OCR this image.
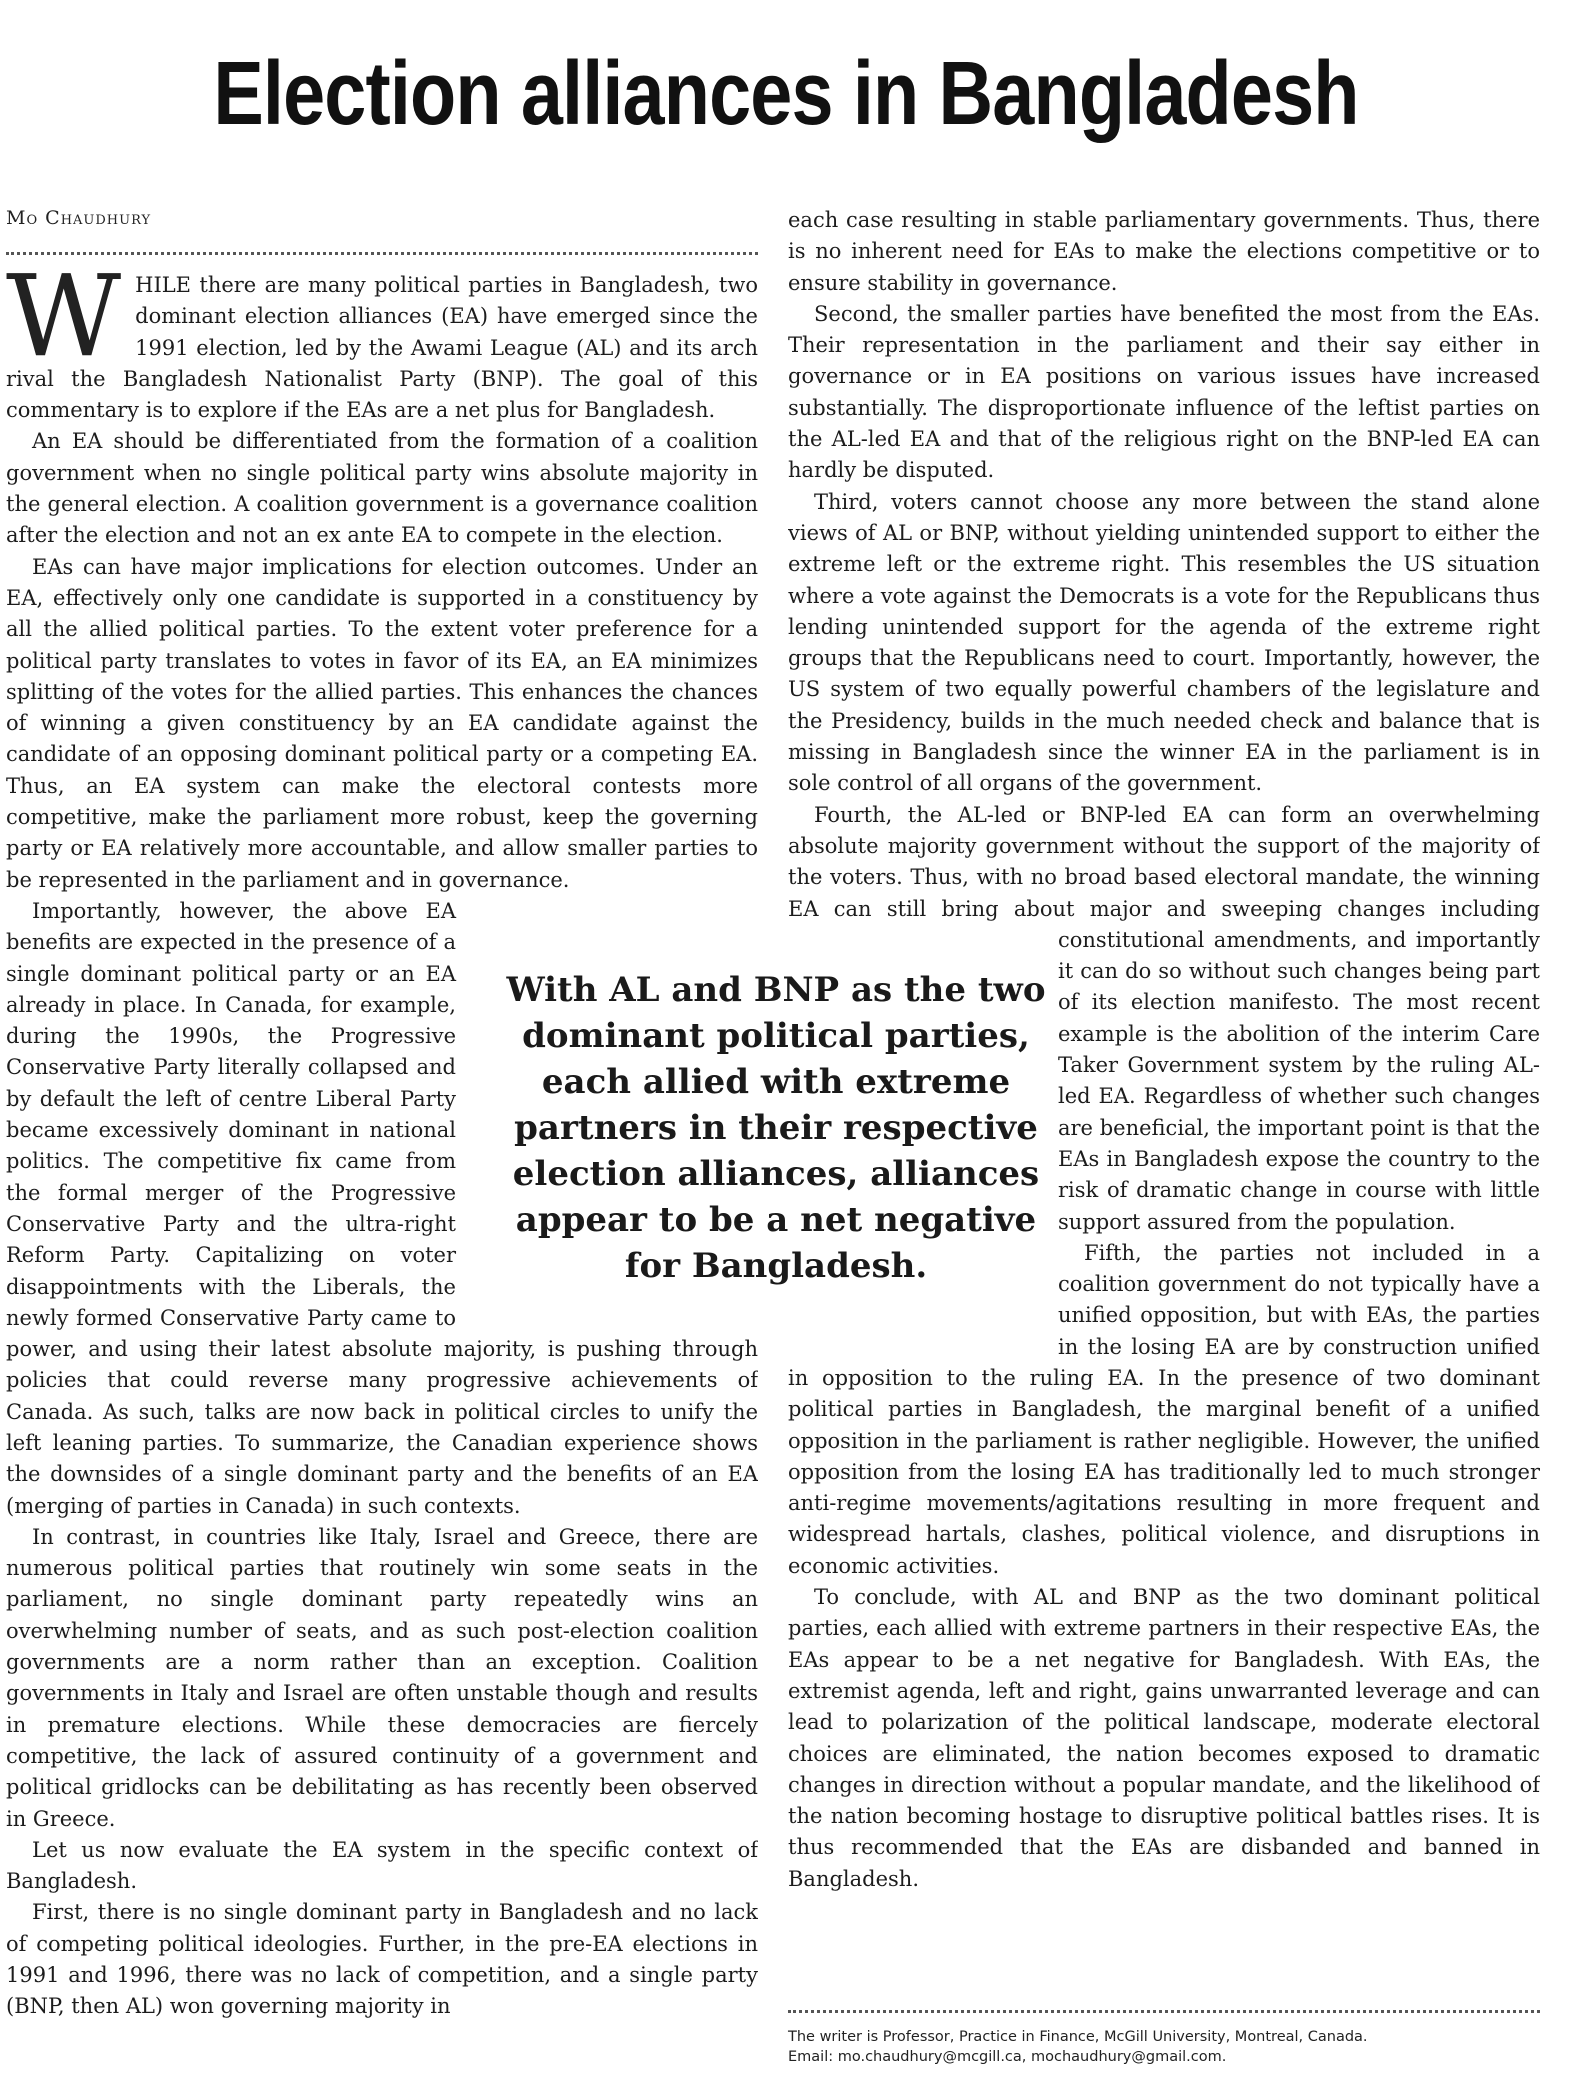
Election alliances in Bangladesh
Mo Chaudhury

WHILE there are many political parties in Bangladesh, two dominant election alliances (EA) have emerged since the 1991 election, led by the Awami League (AL) and its arch rival the Bangladesh Nationalist Party (BNP). The goal of this commentary is to explore if the EAs are a net plus for Bangladesh.

An EA should be differentiated from the formation of a coalition government when no single political party wins absolute majority in the general election. A coalition government is a governance coalition after the election and not an ex ante EA to compete in the election.

EAs can have major implications for election outcomes. Under an EA, effectively only one candidate is supported in a constituency by all the allied political parties. To the extent voter preference for a political party translates to votes in favor of its EA, an EA minimizes splitting of the votes for the allied parties. This enhances the chances of winning a given constituency by an EA candidate against the candidate of an opposing dominant political party or a competing EA. Thus, an EA system can make the electoral contests more competitive, make the parliament more robust, keep the governing party or EA relatively more accountable, and allow smaller parties to be represented in the parliament and in governance.

Importantly, however, the above EA benefits are expected in the presence of a single dominant political party or an EA already in place. In Canada, for example, during the 1990s, the Progressive Conservative Party literally collapsed and by default the left of centre Liberal Party became excessively dominant in national politics. The competitive fix came from the formal merger of the Progressive Conservative Party and the ultra-right Reform Party. Capitalizing on voter disappointments with the Liberals, the newly formed Conservative Party came to power, and using their latest absolute majority, is pushing through policies that could reverse many progressive achievements of Canada. As such, talks are now back in political circles to unify the left leaning parties. To summarize, the Canadian experience shows the downsides of a single dominant party and the benefits of an EA (merging of parties in Canada) in such contexts.

In contrast, in countries like Italy, Israel and Greece, there are numerous political parties that routinely win some seats in the parliament, no single dominant party repeatedly wins an overwhelming number of seats, and as such post-election coalition governments are a norm rather than an exception. Coalition governments in Italy and Israel are often unstable though and results in premature elections. While these democracies are fiercely competitive, the lack of assured continuity of a government and political gridlocks can be debilitating as has recently been observed in Greece.

Let us now evaluate the EA system in the specific context of Bangladesh.

First, there is no single dominant party in Bangladesh and no lack of competing political ideologies. Further, in the pre-EA elections in 1991 and 1996, there was no lack of competition, and a single party (BNP, then AL) won governing majority in

each case resulting in stable parliamentary governments. Thus, there is no inherent need for EAs to make the elections competitive or to ensure stability in governance.

Second, the smaller parties have benefited the most from the EAs. Their representation in the parliament and their say either in governance or in EA positions on various issues have increased substantially. The disproportionate influence of the leftist parties on the AL-led EA and that of the religious right on the BNP-led EA can hardly be disputed.

Third, voters cannot choose any more between the stand alone views of AL or BNP, without yielding unintended support to either the extreme left or the extreme right. This resembles the US situation where a vote against the Democrats is a vote for the Republicans thus lending unintended support for the agenda of the extreme right groups that the Republicans need to court. Importantly, however, the US system of two equally powerful chambers of the legislature and the Presidency, builds in the much needed check and balance that is missing in Bangladesh since the winner EA in the parliament is in sole control of all organs of the government.

Fourth, the AL-led or BNP-led EA can form an overwhelming absolute majority government without the support of the majority of the voters. Thus, with no broad based electoral mandate, the winning EA can still bring about major and sweeping changes including constitutional amendments, and importantly it can do so without such changes being part of its election manifesto. The most recent example is the abolition of the interim Care Taker Government system by the ruling AL-led EA. Regardless of whether such changes are beneficial, the important point is that the EAs in Bangladesh expose the country to the risk of dramatic change in course with little support assured from the population.

Fifth, the parties not included in a coalition government do not typically have a unified opposition, but with EAs, the parties in the losing EA are by construction unified in opposition to the ruling EA. In the presence of two dominant political parties in Bangladesh, the marginal benefit of a unified opposition in the parliament is rather negligible. However, the unified opposition from the losing EA has traditionally led to much stronger anti-regime movements/agitations resulting in more frequent and widespread hartals, clashes, political violence, and disruptions in economic activities.

To conclude, with AL and BNP as the two dominant political parties, each allied with extreme partners in their respective EAs, the EAs appear to be a net negative for Bangladesh. With EAs, the extremist agenda, left and right, gains unwarranted leverage and can lead to polarization of the political landscape, moderate electoral choices are eliminated, the nation becomes exposed to dramatic changes in direction without a popular mandate, and the likelihood of the nation becoming hostage to disruptive political battles rises. It is thus recommended that the EAs are disbanded and banned in Bangladesh.

With AL and BNP as the two dominant political parties, each allied with extreme partners in their respective election alliances, alliances appear to be a net negative for Bangladesh.
The writer is Professor, Practice in Finance, McGill University, Montreal, Canada.
Email: mo.chaudhury@mcgill.ca, mochaudhury@gmail.com.
